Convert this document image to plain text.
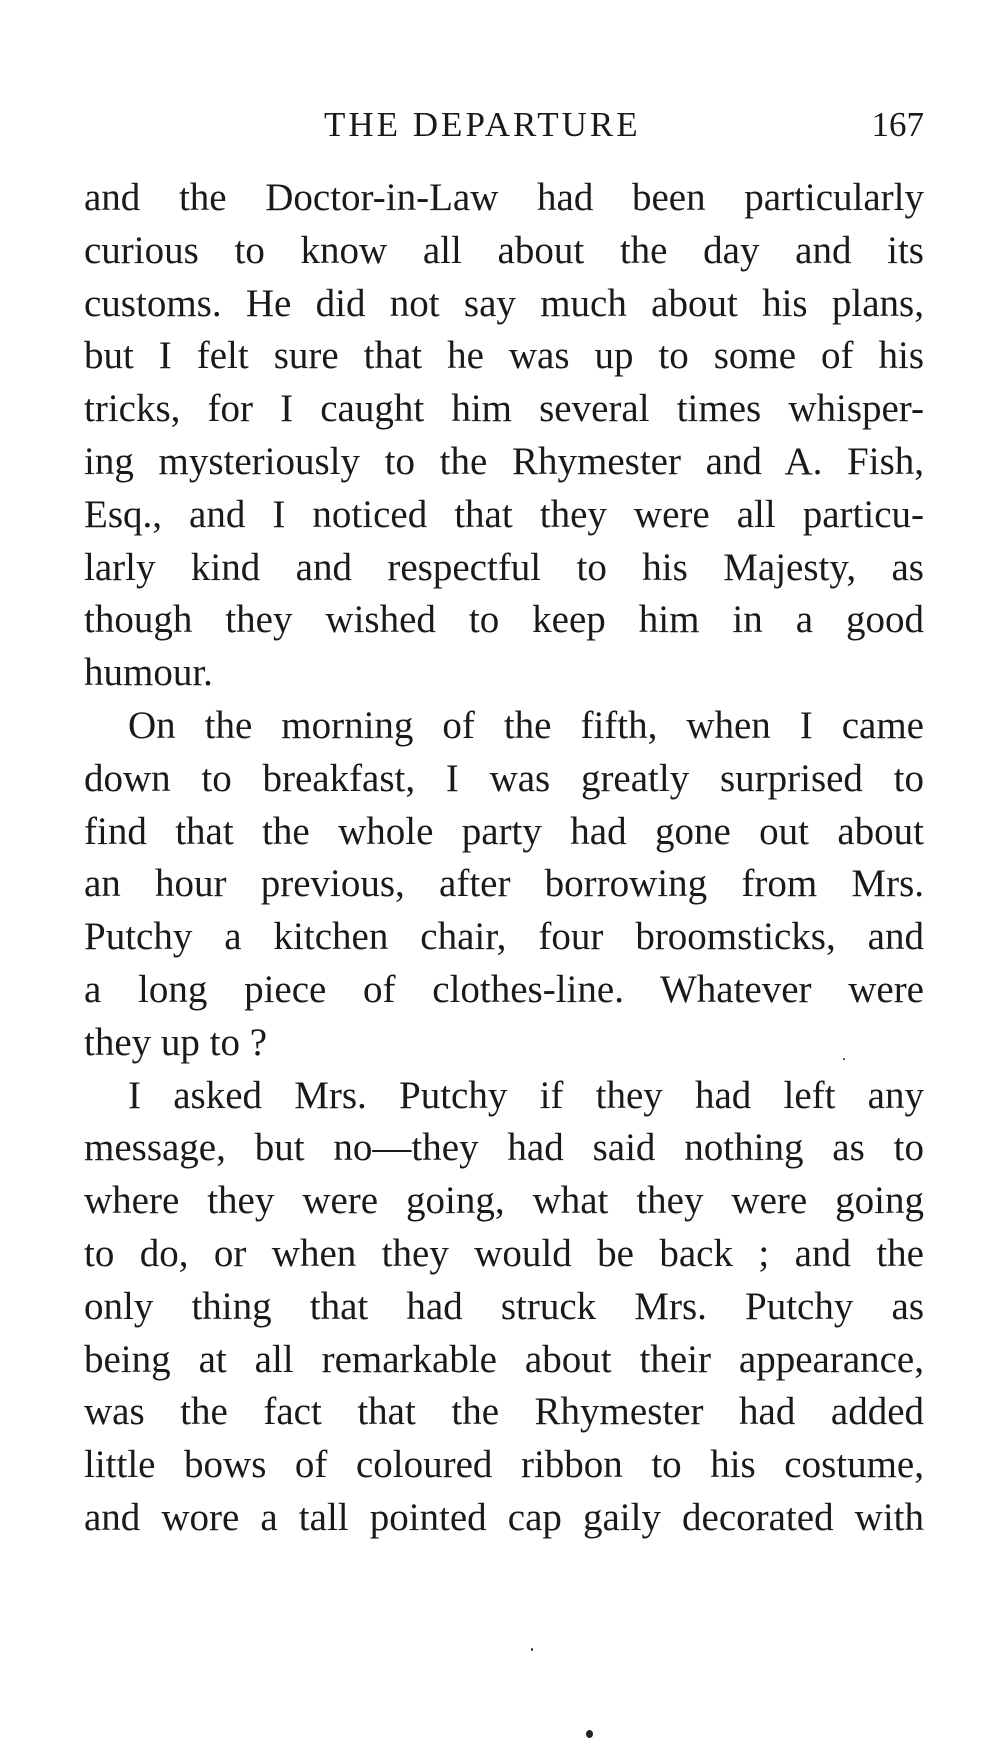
THE DEPARTURE	167
and the Doctor-in-Law had been particularly
curious to know all about the day and its
customs. He did not say much about his plans,
but I felt sure that he was up to some of his
tricks, for I caught him several times whisper-
ing mysteriously to the Rhymester and A. Fish,
Esq., and I noticed that they were all particu-
larly kind and respectful to his Majesty, as
though they wished to keep him in a good
humour.
On the morning of the fifth, when I came
down to breakfast, I was greatly surprised to
find that the whole party had gone out about
an hour previous, after borrowing from Mrs.
Putchy a kitchen chair, four broomsticks, and
a long piece of clothes-line. Whatever were
they up to ?
I asked Mrs. Putchy if they had left any
message, but no—they had said nothing as to
where they were going, what they were going
to do, or when they would be back ; and the
only thing that had struck Mrs. Putchy as
being at all remarkable about their appearance,
was the fact that the Rhymester had added
little bows of coloured ribbon to his costume,
and wore a tall pointed cap gaily decorated with
